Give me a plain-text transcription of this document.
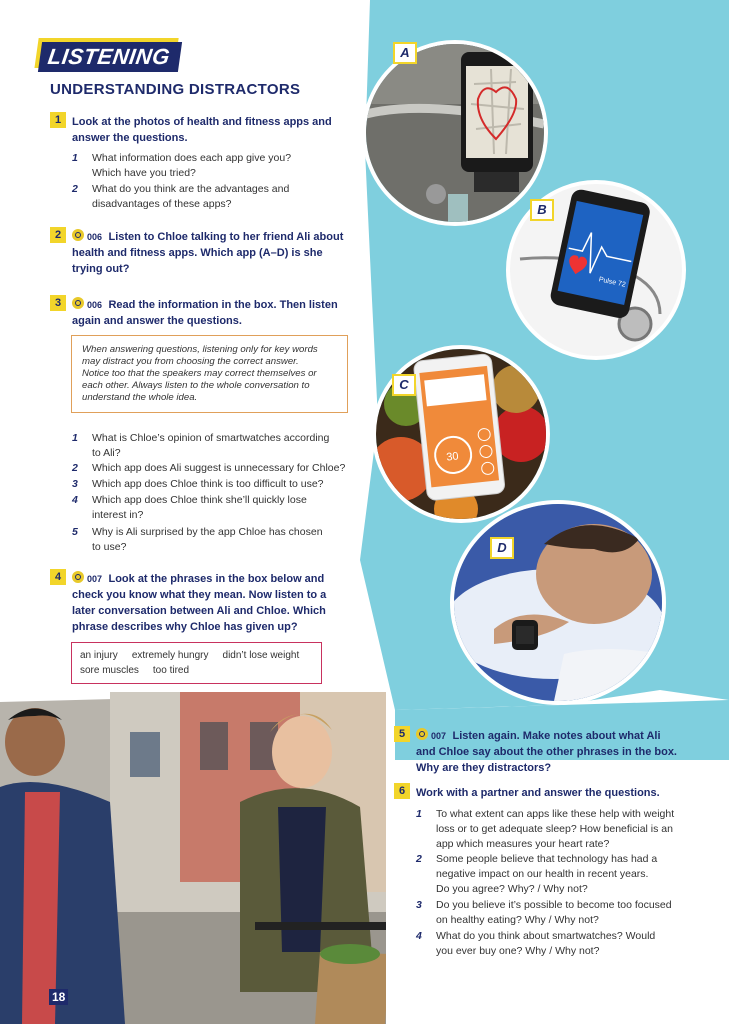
LISTENING
UNDERSTANDING DISTRACTORS
1 Look at the photos of health and fitness apps and
answer the questions.
1 What information does each app give you?
Which have you tried?
2 What do you think are the advantages and
disadvantages of these apps?
2	006 Listen to Chloe talking to her friend Ali about
health and fitness apps. Which app (A–D) is she
trying out?
3	006 Read the information in the box. Then listen
again and answer the questions.
When answering questions, listening only for key words
may distract you from choosing the correct answer.
Notice too that the speakers may correct themselves or
each other. Always listen to the whole conversation to
understand the whole idea.
1 What is Chloe’s opinion of smartwatches according
to Ali?
2 Which app does Ali suggest is unnecessary for Chloe?
3 Which app does Chloe think is too difficult to use?
4 Which app does Chloe think she’ll quickly lose
interest in?
5 Why is Ali surprised by the app Chloe has chosen
to use?
4	007 Look at the phrases in the box below and
check you know what they mean. Now listen to a
later conversation between Ali and Chloe. Which
phrase describes why Chloe has given up?
an injury extremely hungry didn’t lose weight
sore muscles too tired
A
Pulse 72
B
30
C
D
18
5	007 Listen again. Make notes about what Ali
and Chloe say about the other phrases in the box.
Why are they distractors?
6 Work with a partner and answer the questions.
1 To what extent can apps like these help with weight
loss or to get adequate sleep? How beneficial is an
app which measures your heart rate?
2 Some people believe that technology has had a
negative impact on our health in recent years.
Do you agree? Why? / Why not?
3 Do you believe it’s possible to become too focused
on healthy eating? Why / Why not?
4 What do you think about smartwatches? Would
you ever buy one? Why / Why not?
